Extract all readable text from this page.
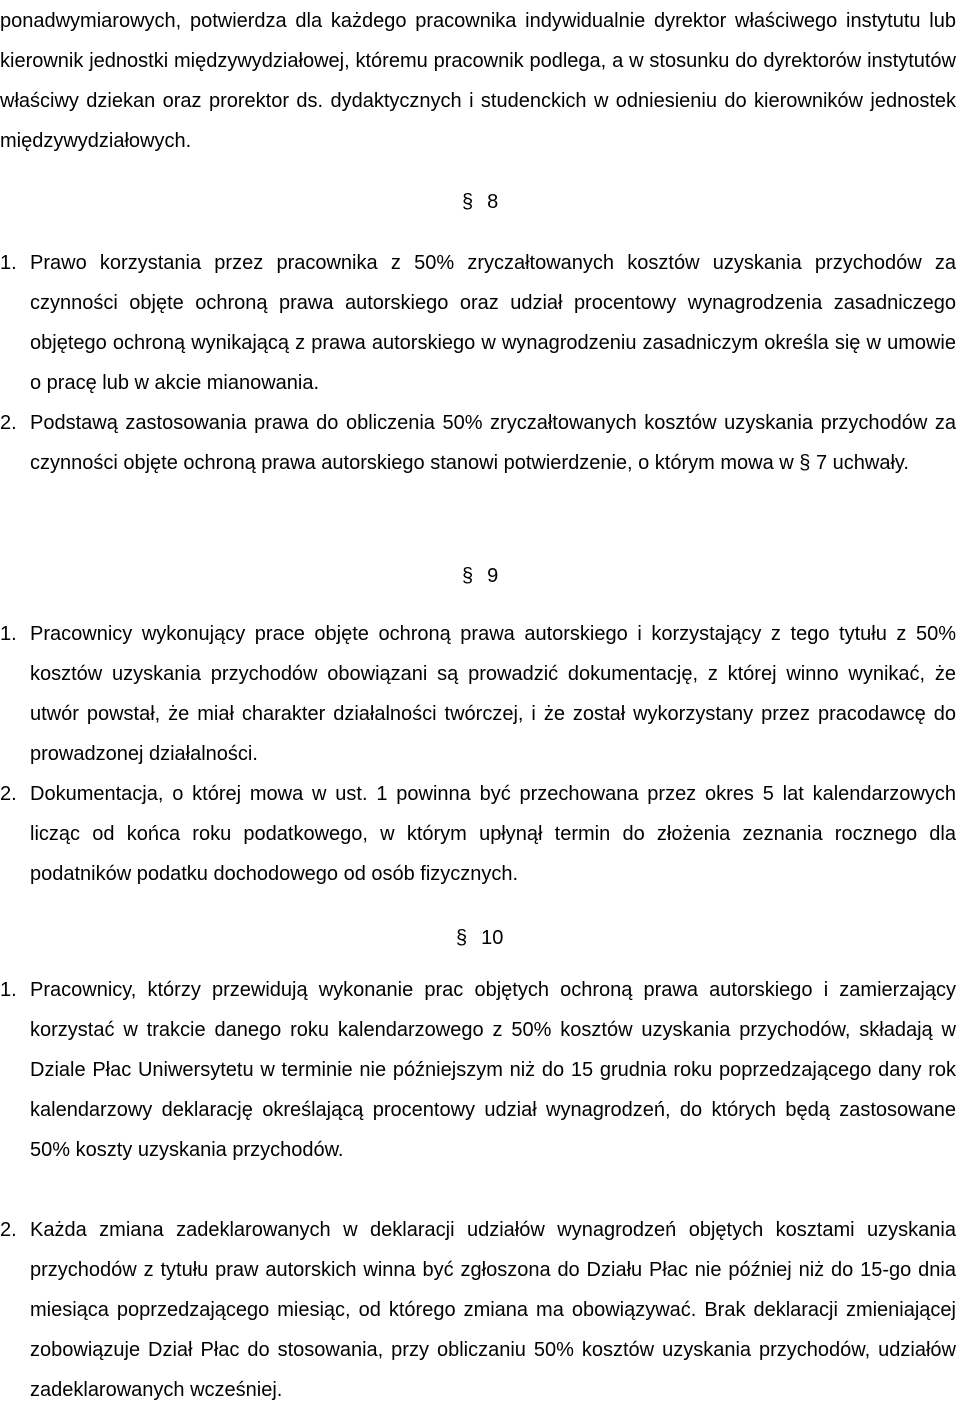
ponadwymiarowych, potwierdza dla każdego pracownika indywidualnie dyrektor właściwego instytutu lub kierownik jednostki międzywydziałowej, któremu pracownik podlega, a w stosunku do dyrektorów instytutów właściwy dziekan oraz prorektor ds. dydaktycznych i studenckich w odniesieniu do kierowników jednostek międzywydziałowych.

§ 8
1. Prawo korzystania przez pracownika z 50% zryczałtowanych kosztów uzyskania przychodów za czynności objęte ochroną prawa autorskiego oraz udział procentowy wynagrodzenia zasadniczego objętego ochroną wynikającą z prawa autorskiego w wynagrodzeniu zasadniczym określa się w umowie o pracę lub w akcie mianowania.
2. Podstawą zastosowania prawa do obliczenia 50% zryczałtowanych kosztów uzyskania przychodów za czynności objęte ochroną prawa autorskiego stanowi potwierdzenie, o którym mowa w § 7 uchwały.
§ 9
1. Pracownicy wykonujący prace objęte ochroną prawa autorskiego i korzystający z tego tytułu z 50% kosztów uzyskania przychodów obowiązani są prowadzić dokumentację, z której winno wynikać, że utwór powstał, że miał charakter działalności twórczej, i że został wykorzystany przez pracodawcę do prowadzonej działalności.
2. Dokumentacja, o której mowa w ust. 1 powinna być przechowana przez okres 5 lat kalendarzowych licząc od końca roku podatkowego, w którym upłynął termin do złożenia zeznania rocznego dla podatników podatku dochodowego od osób fizycznych.
§ 10
1. Pracownicy, którzy przewidują wykonanie prac objętych ochroną prawa autorskiego i zamierzający korzystać w trakcie danego roku kalendarzowego z 50% kosztów uzyskania przychodów, składają w Dziale Płac Uniwersytetu w terminie nie późniejszym niż do 15 grudnia roku poprzedzającego dany rok kalendarzowy deklarację określającą procentowy udział wynagrodzeń, do których będą zastosowane 50% koszty uzyskania przychodów.
2. Każda zmiana zadeklarowanych w deklaracji udziałów wynagrodzeń objętych kosztami uzyskania przychodów z tytułu praw autorskich winna być zgłoszona do Działu Płac nie później niż do 15-go dnia miesiąca poprzedzającego miesiąc, od którego zmiana ma obowiązywać. Brak deklaracji zmieniającej zobowiązuje Dział Płac do stosowania, przy obliczaniu 50% kosztów uzyskania przychodów, udziałów zadeklarowanych wcześniej.
